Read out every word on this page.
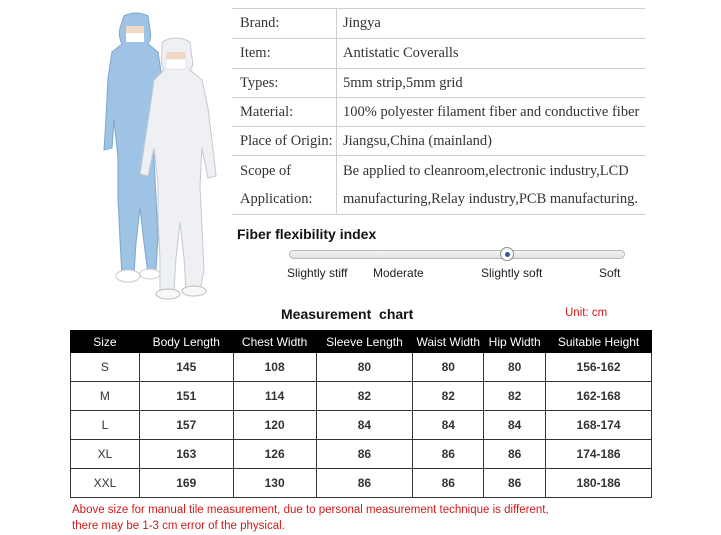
Brand:	Jingya
Item:	Antistatic Coveralls
Types:	5mm strip,5mm grid
Material:	100% polyester filament fiber and conductive fiber
Place of Origin: Jiangsu,China (mainland)
Scope of
Application:
Be applied to cleanroom,electronic industry,LCD
manufacturing,Relay industry,PCB manufacturing.
Fiber flexibility index
Slightly stiff Moderate	Slightly soft	Soft
Measurement  chart	Unit: cm
Size	Body Length	Chest Width	Sleeve Length	Waist Width	Hip Width	Suitable Height
S	145	108	80	80	80	156-162
M	151	114	82	82	82	162-168
L	157	120	84	84	84	168-174
XL	163	126	86	86	86	174-186
XXL	169	130	86	86	86	180-186
Above size for manual tile measurement, due to personal measurement technique is different,
there may be 1-3 cm error of the physical.
